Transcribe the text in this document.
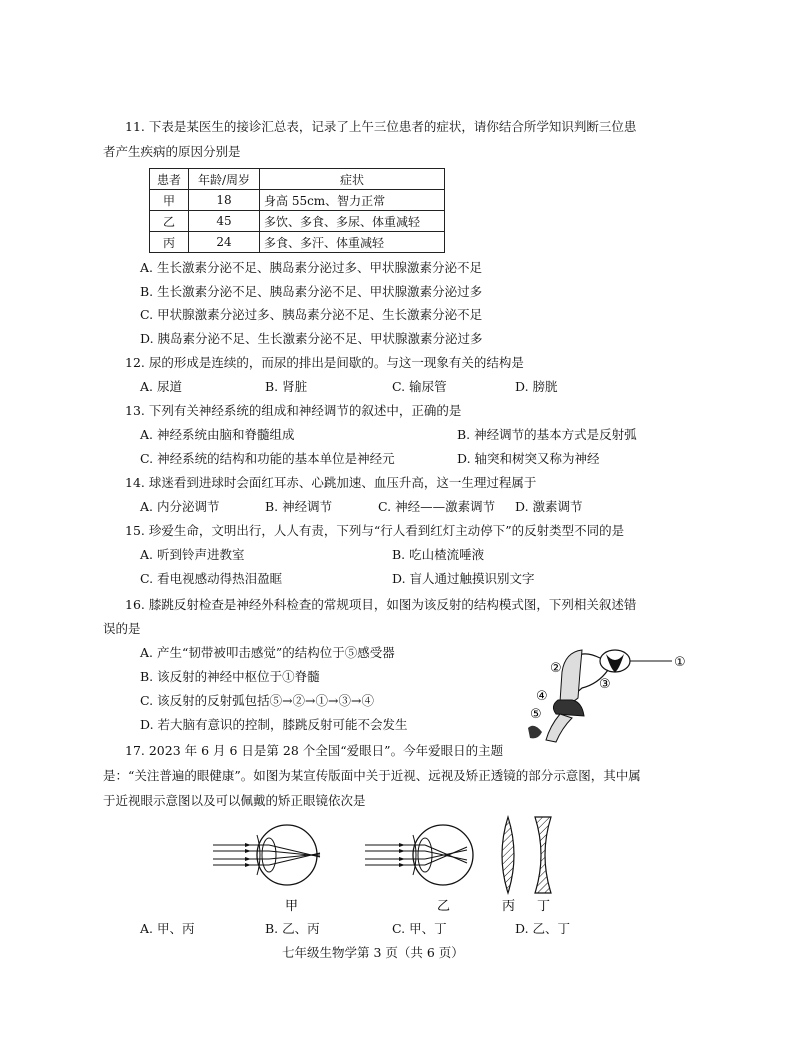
11. 下表是某医生的接诊汇总表，记录了上午三位患者的症状，请你结合所学知识判断三位患
者产生疾病的原因分别是
患者	年龄/周岁	症状
甲	18	身高 55cm、智力正常
乙	45	多饮、多食、多尿、体重减轻
丙	24	多食、多汗、体重减轻
A. 生长激素分泌不足、胰岛素分泌过多、甲状腺激素分泌不足
B. 生长激素分泌不足、胰岛素分泌不足、甲状腺激素分泌过多
C. 甲状腺激素分泌过多、胰岛素分泌不足、生长激素分泌不足
D. 胰岛素分泌不足、生长激素分泌不足、甲状腺激素分泌过多
12. 尿的形成是连续的，而尿的排出是间歇的。与这一现象有关的结构是
A. 尿道	B. 肾脏	C. 输尿管	D. 膀胱
13. 下列有关神经系统的组成和神经调节的叙述中，正确的是
A. 神经系统由脑和脊髓组成	B. 神经调节的基本方式是反射弧
C. 神经系统的结构和功能的基本单位是神经元	D. 轴突和树突又称为神经
14. 球迷看到进球时会面红耳赤、心跳加速、血压升高，这一生理过程属于
A. 内分泌调节	B. 神经调节	C. 神经——激素调节 D. 激素调节
15. 珍爱生命，文明出行，人人有责，下列与“行人看到红灯主动停下”的反射类型不同的是
A. 听到铃声进教室	B. 吃山楂流唾液
C. 看电视感动得热泪盈眶	D. 盲人通过触摸识别文字
16. 膝跳反射检查是神经外科检查的常规项目，如图为该反射的结构模式图，下列相关叙述错
误的是
A. 产生“韧带被叩击感觉”的结构位于⑤感受器
B. 该反射的神经中枢位于①脊髓
C. 该反射的反射弧包括⑤→②→①→③→④
D. 若大脑有意识的控制，膝跳反射可能不会发生
①
②
③
④
⑤
17. 2023 年 6 月 6 日是第 28 个全国“爱眼日”。今年爱眼日的主题
是：“关注普遍的眼健康”。如图为某宣传版面中关于近视、远视及矫正透镜的部分示意图，其中属
于近视眼示意图以及可以佩戴的矫正眼镜依次是
甲	乙	丙 丁
A. 甲、丙	B. 乙、丙	C. 甲、丁	D. 乙、丁
七年级生物学第 3 页（共 6 页）
